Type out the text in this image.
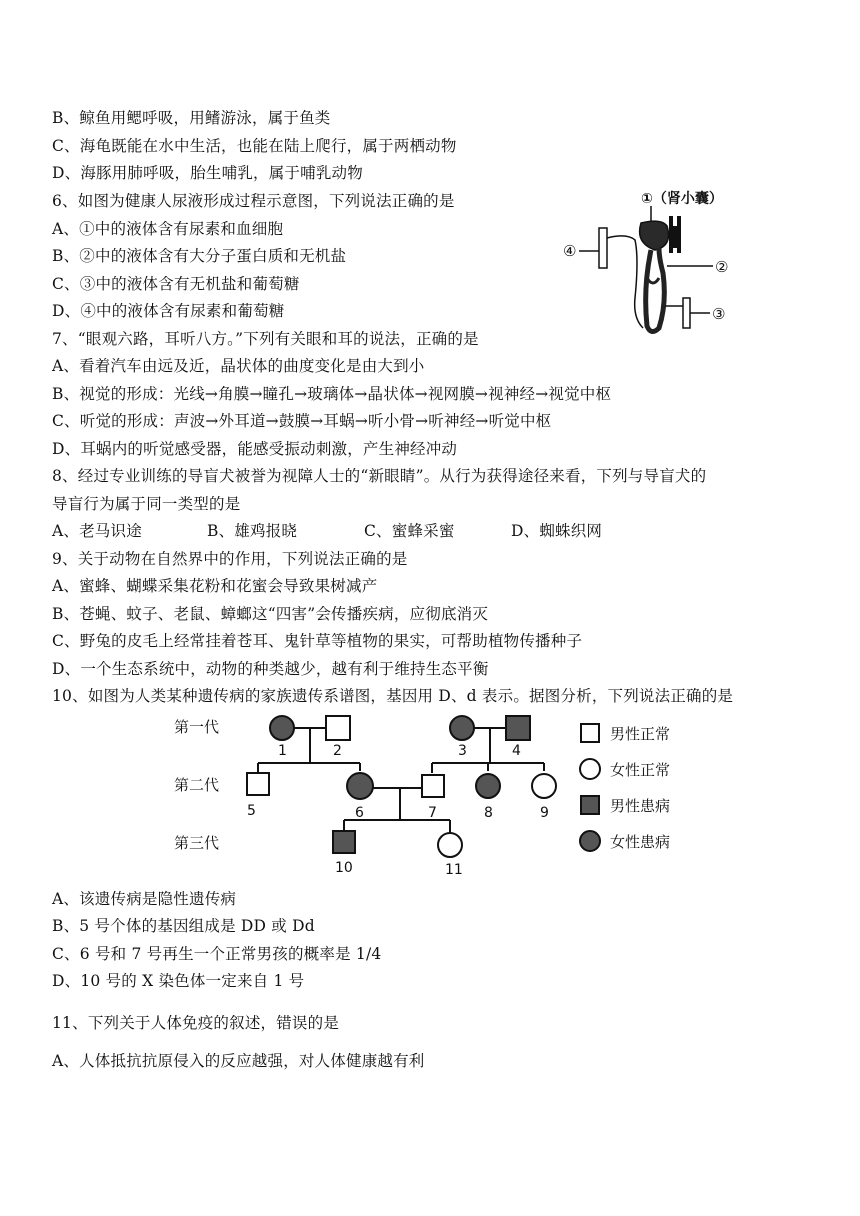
B、鲸鱼用鳃呼吸，用鳍游泳，属于鱼类
C、海龟既能在水中生活，也能在陆上爬行，属于两栖动物
D、海豚用肺呼吸，胎生哺乳，属于哺乳动物
6、如图为健康人尿液形成过程示意图，下列说法正确的是
A、①中的液体含有尿素和血细胞
B、②中的液体含有大分子蛋白质和无机盐
C、③中的液体含有无机盐和葡萄糖
D、④中的液体含有尿素和葡萄糖
7、“眼观六路，耳听八方。”下列有关眼和耳的说法，正确的是
A、看着汽车由远及近，晶状体的曲度变化是由大到小
B、视觉的形成：光线→角膜→瞳孔→玻璃体→晶状体→视网膜→视神经→视觉中枢
C、听觉的形成：声波→外耳道→鼓膜→耳蜗→听小骨→听神经→听觉中枢
D、耳蜗内的听觉感受器，能感受振动刺激，产生神经冲动
8、经过专业训练的导盲犬被誉为视障人士的“新眼睛”。从行为获得途径来看，下列与导盲犬的
导盲行为属于同一类型的是
A、老马识途	B、雄鸡报晓	C、蜜蜂采蜜	D、蜘蛛织网
9、关于动物在自然界中的作用，下列说法正确的是
A、蜜蜂、蝴蝶采集花粉和花蜜会导致果树减产
B、苍蝇、蚊子、老鼠、蟑螂这“四害”会传播疾病，应彻底消灭
C、野兔的皮毛上经常挂着苍耳、鬼针草等植物的果实，可帮助植物传播种子
D、一个生态系统中，动物的种类越少，越有利于维持生态平衡
10、如图为人类某种遗传病的家族遗传系谱图，基因用 D、d 表示。据图分析，下列说法正确的是
A、该遗传病是隐性遗传病
B、5 号个体的基因组成是 DD 或 Dd
C、6 号和 7 号再生一个正常男孩的概率是 1/4
D、10 号的 X 染色体一定来自 1 号
11、下列关于人体免疫的叙述，错误的是
A、人体抵抗抗原侵入的反应越强，对人体健康越有利
①（肾小囊）
④
②
③
第一代
第二代
第三代
1	2	3	4
5	6	7	8	9
10	11
男性正常
女性正常
男性患病
女性患病
